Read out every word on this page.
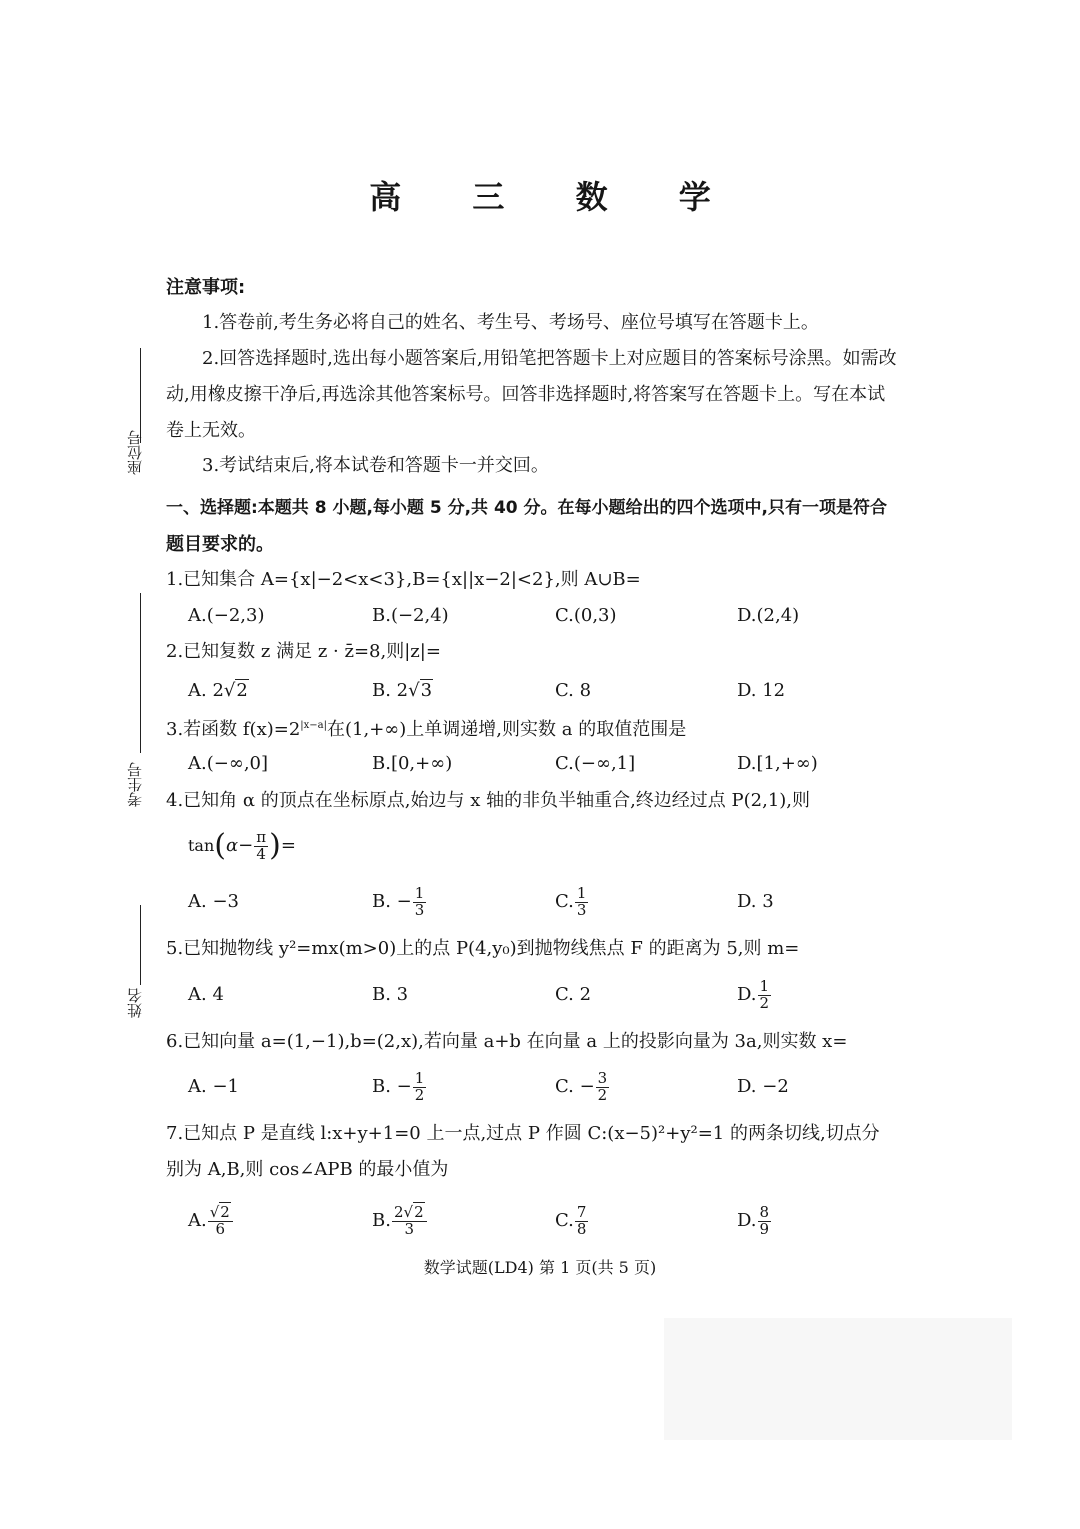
高 三 数 学
座位号
考生号
姓名
注意事项:
1.答卷前,考生务必将自己的姓名、考生号、考场号、座位号填写在答题卡上。
2.回答选择题时,选出每小题答案后,用铅笔把答题卡上对应题目的答案标号涂黑。如需改
动,用橡皮擦干净后,再选涂其他答案标号。回答非选择题时,将答案写在答题卡上。写在本试
卷上无效。
3.考试结束后,将本试卷和答题卡一并交回。
一、选择题:本题共 8 小题,每小题 5 分,共 40 分。在每小题给出的四个选项中,只有一项是符合
题目要求的。
1.已知集合 A={x|−2<x<3},B={x||x−2|<2},则 A∪B=
A.(−2,3)	B.(−2,4)	C.(0,3)	D.(2,4)
2.已知复数 z 满足 z · z̄=8,则|z|=
A. 2√2	B. 2√3	C. 8	D. 12
3.若函数 $f(x)=2^{|x-a|}$在(1,+∞)上单调递增,则实数 a 的取值范围是
A.(−∞,0]	B.[0,+∞)	C.(−∞,1]	D.[1,+∞)
4.已知角 α 的顶点在坐标原点,始边与 x 轴的非负半轴重合,终边经过点 P(2,1),则
tan ( $\alpha- \frac{\pi}{4}$ ) =
A. −3	B. − $\frac{1}{3}$	C. $\frac{1}{3}$	D. 3
5.已知抛物线 y²=mx(m>0)上的点 P(4,y₀)到抛物线焦点 F 的距离为 5,则 m=
A. 4	B. 3	C. 2	D. $\frac{1}{2}$
6.已知向量 a=(1,−1),b=(2,x),若向量 a+b 在向量 a 上的投影向量为 3a,则实数 x=
A. −1	B. − $\frac{1}{2}$	C. − $\frac{3}{2}$	D. −2
7.已知点 P 是直线 l:x+y+1=0 上一点,过点 P 作圆 C:(x−5)²+y²=1 的两条切线,切点分
别为 A,B,则 cos∠APB 的最小值为
A. $\frac{√2}{6}$	B. $\frac{2√2}{3}$	C. $\frac{7}{8}$	D. $\frac{8}{9}$
数学试题(LD4) 第 1 页(共 5 页)
